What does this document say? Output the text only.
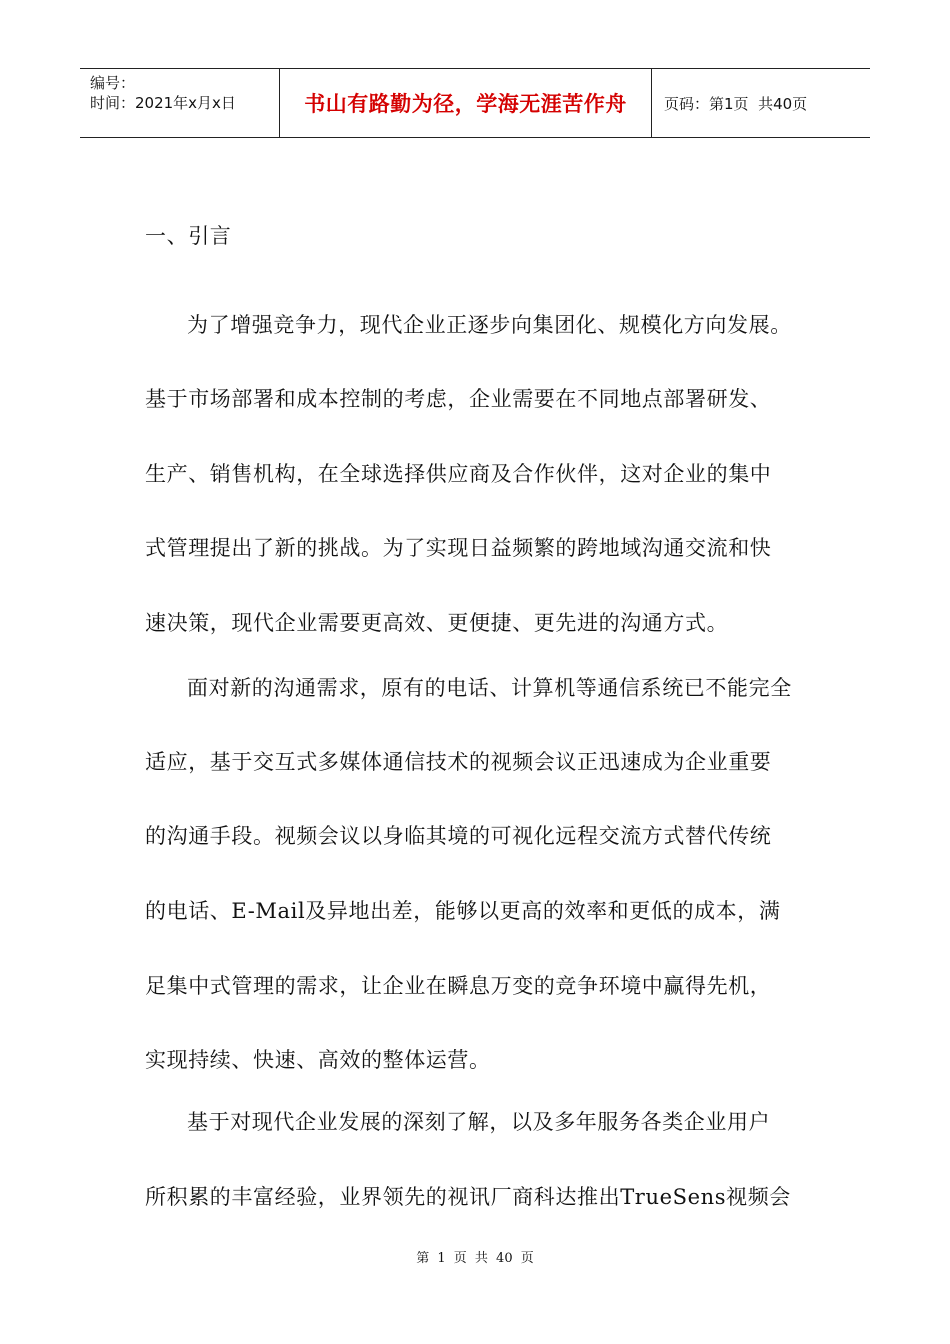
编号：
时间：2021年x月x日	书山有路勤为径，学海无涯苦作舟	页码：第1页  共40页
一、引言
为了增强竞争力，现代企业正逐步向集团化、规模化方向发展。
基于市场部署和成本控制的考虑，企业需要在不同地点部署研发、
生产、销售机构，在全球选择供应商及合作伙伴，这对企业的集中
式管理提出了新的挑战。为了实现日益频繁的跨地域沟通交流和快
速决策，现代企业需要更高效、更便捷、更先进的沟通方式。
面对新的沟通需求，原有的电话、计算机等通信系统已不能完全
适应，基于交互式多媒体通信技术的视频会议正迅速成为企业重要
的沟通手段。视频会议以身临其境的可视化远程交流方式替代传统
的电话、E-Mail及异地出差，能够以更高的效率和更低的成本，满
足集中式管理的需求，让企业在瞬息万变的竞争环境中赢得先机，
实现持续、快速、高效的整体运营。
基于对现代企业发展的深刻了解，以及多年服务各类企业用户
所积累的丰富经验，业界领先的视讯厂商科达推出TrueSens视频会
第 1 页 共 40 页
